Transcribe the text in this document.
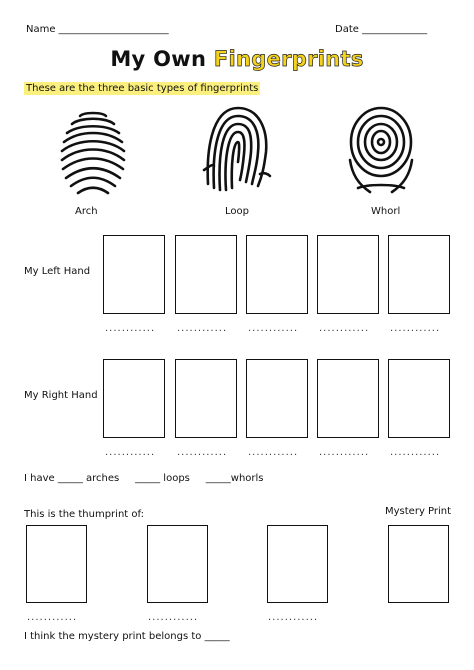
Name ______________________	Date _____________
My Own Fingerprints
These are the three basic types of fingerprints
Arch	Loop	Whorl
My Left Hand
............ ............ ............ ............ ............
My Right Hand
............ ............ ............ ............ ............
I have _____ arches     _____ loops     _____whorls
This is the thumprint of:	Mystery Print
............	............	............
I think the mystery print belongs to _____
